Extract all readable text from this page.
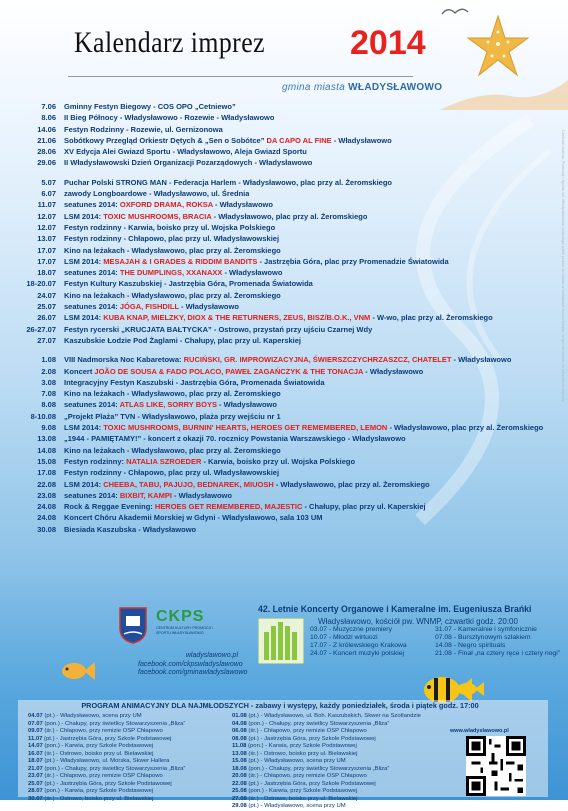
Kalendarz imprez	2014
gmina miasta WŁADYSŁAWOWO
Centrum Kultury, Promocji i Sportu we Władysławowie zastrzega sobie prawo do zmian w rozkładzie koncertowym, w tym terminów do odwołania imprezy
7.06 Gminny Festyn Biegowy - COS OPO „Cetniewo”
8.06 II Bieg Północy - Władysławowo - Rozewie - Władysławowo
14.06 Festyn Rodzinny - Rozewie, ul. Gernizonowa
21.06 Sobótkowy Przegląd Orkiestr Dętych & „Sen o Sobótce” DA CAPO AL FINE - Władysławowo
28.06 XV Edycja Alei Gwiazd Sportu - Władysławowo, Aleja Gwiazd Sportu
29.06 II Władysławowski Dzień Organizacji Pozarządowych - Władysławowo
5.07 Puchar Polski STRONG MAN - Federacja Harlem - Władysławowo, plac przy al. Żeromskiego
6.07 zawody Longboardowe - Władysławowo, ul. Średnia
11.07 seatunes 2014: OXFORD DRAMA, ROKSA - Władysławowo
12.07 LSM 2014: TOXIC MUSHROOMS, BRACIA - Władysławowo, plac przy al. Żeromskiego
12.07 Festyn rodzinny - Karwia, boisko przy ul. Wojska Polskiego
13.07 Festyn rodzinny - Chłapowo, plac przy ul. Władysławowskiej
17.07 Kino na leżakach - Władysławowo, plac przy al. Żeromskiego
17.07 LSM 2014: MESAJAH & I GRADES & RIDDIM BANDITS - Jastrzębia Góra, plac przy Promenadzie Światowida
18.07 seatunes 2014: THE DUMPLINGS, XXANAXX - Władysławowo
18-20.07 Festyn Kultury Kaszubskiej - Jastrzębia Góra, Promenada Światowida
24.07 Kino na leżakach - Władysławowo, plac przy al. Żeromskiego
25.07 seatunes 2014: JÓGA, FISHDILL - Władysławowo
26.07 LSM 2014: KUBA KNAP, MIELZKY, DIOX & THE RETURNERS, ZEUS, BISZ/B.O.K., VNM - W-wo, plac przy al. Żeromskiego
26-27.07 Festyn rycerski „KRUCJATA BAŁTYCKA” - Ostrowo, przystań przy ujściu Czarnej Wdy
27.07 Kaszubskie Łodzie Pod Żaglami - Chałupy, plac przy ul. Kaperskiej
1.08 VIII Nadmorska Noc Kabaretowa: RUCIŃSKI, GR. IMPROWIZACYJNA, ŚWIERSZCZYCHRZASZCZ, CHATELET - Władysławowo
2.08 Koncert JOÃO DE SOUSA & FADO POLACO, PAWEŁ ZAGAŃCZYK & THE TONACJA - Władysławowo
3.08 Integracyjny Festyn Kaszubski - Jastrzębia Góra, Promenada Światowida
7.08 Kino na leżakach - Władysławowo, plac przy al. Żeromskiego
8.08 seatunes 2014: ATLAS LIKE, SORRY BOYS - Władysławowo
8-10.08 „Projekt Plaża” TVN - Władysławowo, plaża przy wejściu nr 1
9.08 LSM 2014: TOXIC MUSHROOMS, BURNIN' HEARTS, HEROES GET REMEMBERED, LEMON - Władysławowo, plac przy al. Żeromskiego
13.08 „1944 - PAMIĘTAMY!” - koncert z okazji 70. rocznicy Powstania Warszawskiego - Władysławowo
14.08 Kino na leżakach - Władysławowo, plac przy al. Żeromskiego
15.08 Festyn rodzinny: NATALIA SZROEDER - Karwia, boisko przy ul. Wojska Polskiego
17.08 Festyn rodzinny - Chłapowo, plac przy ul. Władysławowskiej
22.08 LSM 2014: CHEEBA, TABU, PAJUJO, BEDNAREK, MIUOSH - Władysławowo, plac przy al. Żeromskiego
23.08 seatunes 2014: BIXBIT, KAMPI - Władysławowo
24.08 Rock & Reggae Evening: HEROES GET REMEMBERED, MAJESTIC - Chałupy, plac przy ul. Kaperskiej
24.08 Koncert Chóru Akademii Morskiej w Gdyni - Władysławowo, sala 103 UM
30.08 Biesiada Kaszubska - Władysławowo
CKPS
CENTRUM KULTURY PROMOCJI I SPORTU WŁADYSŁAWOWO
wladyslawowo.pl
facebook.com/ckpswladyslawowo
facebook.com/gminawladyslawowo
42. Letnie Koncerty Organowe i Kameralne im. Eugeniusza Brańki
Władysławowo, kościół pw. WNMP, czwartki godz. 20:00
03.07 - Muzyczne premiery	31.07 - Kameralnie i symfonicznie
10.07 - Młodzi wirtuozi	07.08 - Bursztynowym szlakiem
17.07 - Z królewskiego Krakowa	14.08 - Negro spirituals
24.07 - Koncert muzyki polskiej	21.08 - Finał „na cztery ręce i cztery nogi”
PROGRAM ANIMACYJNY DLA NAJMŁODSZYCH - zabawy i występy, każdy poniedziałek, środa i piątek godz. 17:00
04.07 (pt.) - Władysławowo, scena przy UM
07.07 (pon.) - Chałupy, przy świetlicy Stowarzyszenia „Bliza”
09.07 (śr.) - Chłapowo, przy remizie OSP Chłapowo
11.07 (pt.) - Jastrzębia Góra, przy Szkole Podstawowej
14.07 (pon.) - Karwia, przy Szkole Podstawowej
16.07 (śr.) - Ostrowo, boisko przy ul. Bielawskiej
18.07 (pt.) - Władysławowo, ul. Morska, Skwer Hallera
21.07 (pon.) - Chałupy, przy świetlicy Stowarzyszenia „Bliza”
23.07 (śr.) - Chłapowo, przy remizie OSP Chłapowo
25.07 (pt.) - Jastrzębia Góra, przy Szkole Podstawowej
28.07 (pon.) - Karwia, przy Szkole Podstawowej
30.07 (śr.) - Ostrowo, boisko przy ul. Bielawskiej
01.08 (pt.) - Władysławowo, ul. Boh. Kaszubskich, Skwer na Szotlandzie
04.08 (pon.) - Chałupy, przy świetlicy Stowarzyszenia „Bliza”
06.08 (śr.) - Chłapowo, przy remizie OSP Chłapowo
08.08 (pt.) - Jastrzębia Góra, przy Szkole Podstawowej
11.08 (pon.) - Karwia, przy Szkole Podstawowej
13.08 (śr.) - Ostrowo, boisko przy ul. Bielawskiej
15.08 (pt.) - Władysławowo, scena przy UM
18.08 (pon.) - Chałupy, przy świetlicy Stowarzyszenia „Bliza”
20.08 (śr.) - Chłapowo, przy remizie OSP Chłapowo
22.08 (pt.) - Jastrzębia Góra, przy Szkole Podstawowej
25.08 (pon.) - Karwia, przy Szkole Podstawowej
27.08 (śr.) - Ostrowo, boisko przy ul. Bielawskiej
29.08 (pt.) - Władysławowo, scena przy UM
www.wladyslawowo.pl
